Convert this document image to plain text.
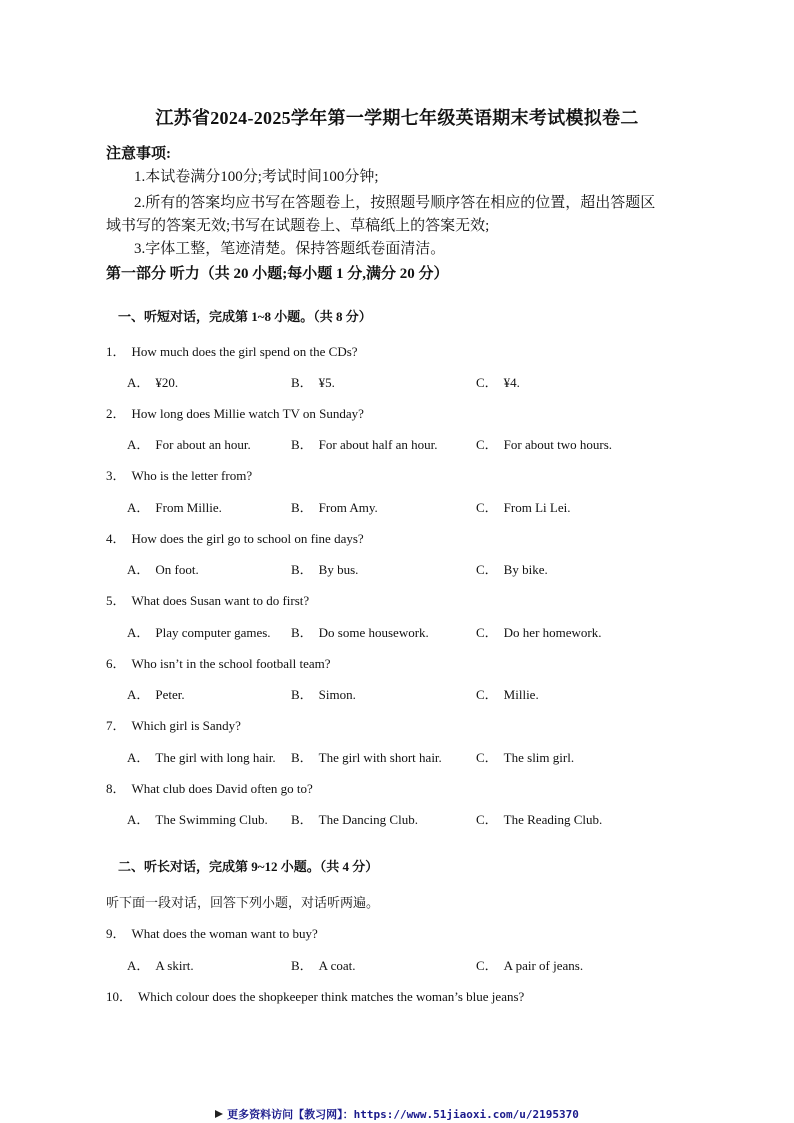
江苏省2024-2025学年第一学期七年级英语期末考试模拟卷二
注意事项:
1.本试卷满分100分;考试时间100分钟;
2.所有的答案均应书写在答题卷上，按照题号顺序答在相应的位置，超出答题区
域书写的答案无效;书写在试题卷上、草稿纸上的答案无效;
3.字体工整，笔迹清楚。保持答题纸卷面清洁。
第一部分 听力（共 20 小题;每小题 1 分,满分 20 分）
一、听短对话，完成第 1~8 小题。（共 8 分）
1． How much does the girl spend on the CDs?
A． ¥20.	B． ¥5.	C． ¥4.
2． How long does Millie watch TV on Sunday?
A． For about an hour.	B． For about half an hour.	C． For about two hours.
3． Who is the letter from?
A． From Millie.	B． From Amy.	C． From Li Lei.
4． How does the girl go to school on fine days?
A． On foot.	B． By bus.	C． By bike.
5． What does Susan want to do first?
A． Play computer games. B． Do some housework.	C． Do her homework.
6． Who isn’t in the school football team?
A． Peter.	B． Simon.	C． Millie.
7． Which girl is Sandy?
A． The girl with long hair. B． The girl with short hair.	C． The slim girl.
8． What club does David often go to?
A． The Swimming Club. B． The Dancing Club.	C． The Reading Club.
二、听长对话，完成第 9~12 小题。（共 4 分）
听下面一段对话，回答下列小题，对话听两遍。
9． What does the woman want to buy?
A． A skirt.	B． A coat.	C． A pair of jeans.
10． Which colour does the shopkeeper think matches the woman’s blue jeans?
更多资料访问【教习网】：https://www.51jiaoxi.com/u/2195370
